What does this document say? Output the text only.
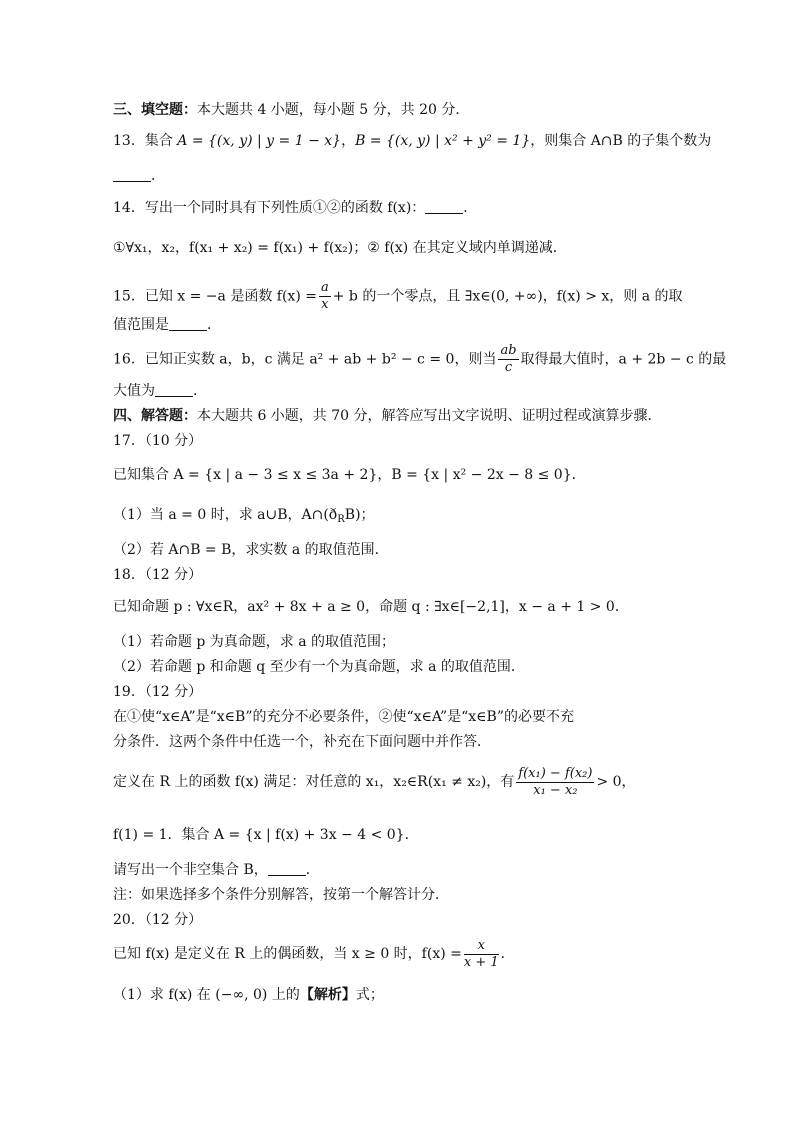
三、填空题：本大题共 4 小题，每小题 5 分，共 20 分．
13．集合 A = {(x, y) | y = 1 − x}，B = {(x, y) | x² + y² = 1}，则集合 A∩B 的子集个数为
．
14．写出一个同时具有下列性质①②的函数 f(x)：	．
①∀x₁，x₂，f(x₁ + x₂) = f(x₁) + f(x₂)；② f(x) 在其定义域内单调递减．
15．已知 x = −a 是函数 $f(x) = \frac{a}{x} + b$ 的一个零点，且 ∃x∈(0, +∞)，f(x) > x，则 a 的取
值范围是	．
16．已知正实数 a，b，c 满足 a² + ab + b² − c = 0，则当 $\frac{ab}{c}$ 取得最大值时，a + 2b − c 的最
大值为	．
四、解答题：本大题共 6 小题，共 70 分，解答应写出文字说明、证明过程或演算步骤．
17．（10 分）
已知集合 A = {x | a − 3 ≤ x ≤ 3a + 2}，B = {x | x² − 2x − 8 ≤ 0}．
（1）当 a = 0 时，求 a∪B，$A\cap(ð_RB)$；
（2）若 A∩B = B，求实数 a 的取值范围．
18．（12 分）
已知命题 p : ∀x∈R，ax² + 8x + a ≥ 0，命题 q : ∃x∈[−2,1]，x − a + 1 > 0．
（1）若命题 p 为真命题，求 a 的取值范围；
（2）若命题 p 和命题 q 至少有一个为真命题，求 a 的取值范围．
19．（12 分）
在①使“x∈A”是“x∈B”的充分不必要条件，②使“x∈A”是“x∈B”的必要不充
分条件．这两个条件中任选一个，补充在下面问题中并作答．
定义在 R 上的函数 f(x) 满足：对任意的 x₁，x₂∈R(x₁ ≠ x₂)，有 $\frac{\text{f(x₁) − f(x₂)}}{\text{x₁ − x₂}} > 0$，
f(1) = 1．集合 A = {x | f(x) + 3x − 4 < 0}．
请写出一个非空集合 B，	．
注：如果选择多个条件分别解答，按第一个解答计分．
20．（12 分）
已知 f(x) 是定义在 R 上的偶函数，当 x ≥ 0 时，$f(x) = \frac{x}{x + 1}$ ．
（1）求 f(x) 在 (−∞, 0) 上的【解析】式；
